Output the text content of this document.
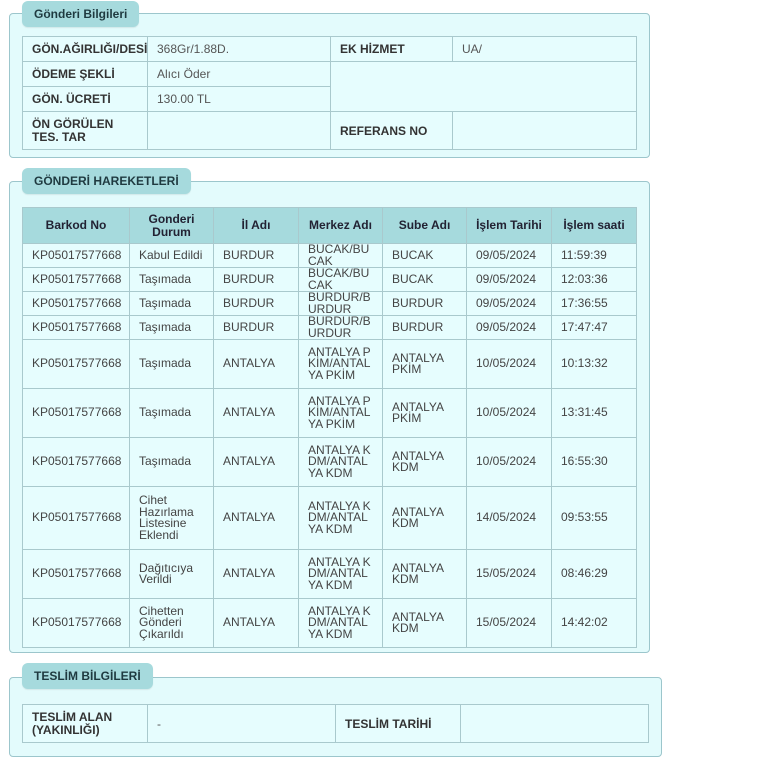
Gönderi Bilgileri
GÖN.AĞIRLIĞI/DESİ	368Gr/1.88D.	EK HİZMET	UA/
ÖDEME ŞEKLİ	Alıcı Öder		
GÖN. ÜCRETİ	130.00 TL		
ÖN GÖRÜLEN TES. TAR		REFERANS NO	
GÖNDERİ HAREKETLERİ
Barkod No	Gonderi Durum	İl Adı	Merkez Adı	Sube Adı	İşlem Tarihi	İşlem saati
KP05017577668	Kabul Edildi	BURDUR	BUCAK/BUCAK	BUCAK	09/05/2024	11:59:39
KP05017577668	Taşımada	BURDUR	BUCAK/BUCAK	BUCAK	09/05/2024	12:03:36
KP05017577668	Taşımada	BURDUR	BURDUR/BURDUR	BURDUR	09/05/2024	17:36:55
KP05017577668	Taşımada	BURDUR	BURDUR/BURDUR	BURDUR	09/05/2024	17:47:47
KP05017577668	Taşımada	ANTALYA	ANTALYA PKİM/ANTALYA PKİM	ANTALYA PKİM	10/05/2024	10:13:32
KP05017577668	Taşımada	ANTALYA	ANTALYA PKİM/ANTALYA PKİM	ANTALYA PKİM	10/05/2024	13:31:45
KP05017577668	Taşımada	ANTALYA	ANTALYA KDM/ANTALYA KDM	ANTALYA KDM	10/05/2024	16:55:30
KP05017577668	Cihet Hazırlama Listesine Eklendi	ANTALYA	ANTALYA KDM/ANTALYA KDM	ANTALYA KDM	14/05/2024	09:53:55
KP05017577668	Dağıtıcıya Verildi	ANTALYA	ANTALYA KDM/ANTALYA KDM	ANTALYA KDM	15/05/2024	08:46:29
KP05017577668	Cihetten Gönderi Çıkarıldı	ANTALYA	ANTALYA KDM/ANTALYA KDM	ANTALYA KDM	15/05/2024	14:42:02
TESLİM BİLGİLERİ
TESLİM ALAN (YAKINLIĞI)	-	TESLİM TARİHİ	
